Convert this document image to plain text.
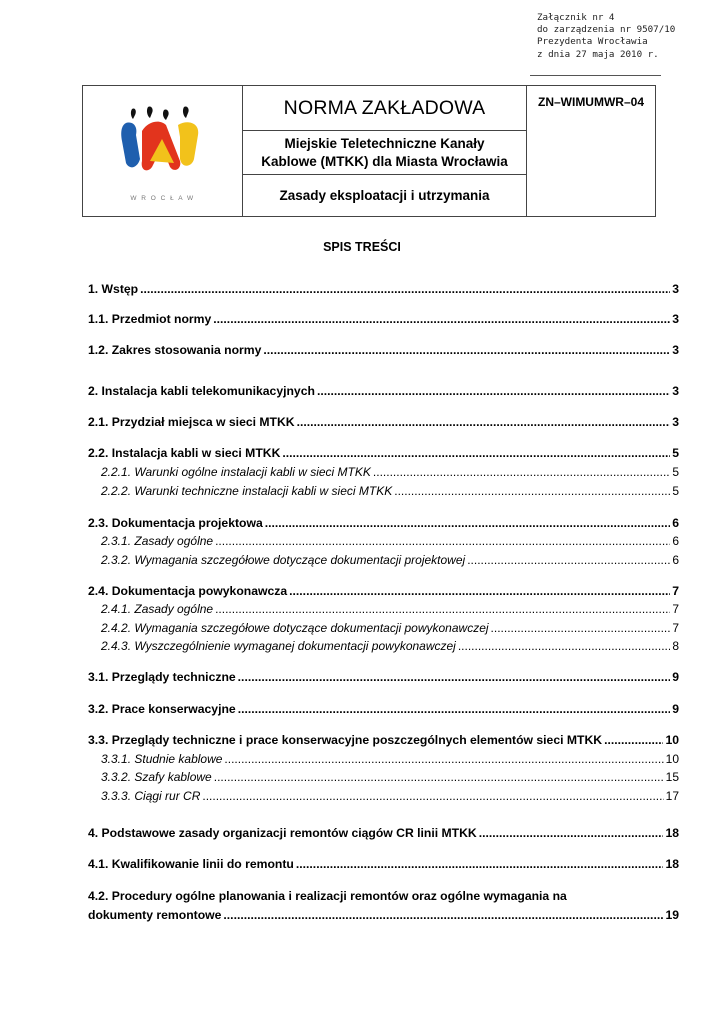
Załącznik nr 4
do zarządzenia nr 9507/10
Prezydenta Wrocławia
z dnia 27 maja 2010 r.
W R O C Ł A W
	NORMA ZAKŁADOWA	ZN–WIMUMWR–04

Miejskie Teletechniczne Kanały
Kablowe (MTKK) dla Miasta Wrocławia

Zasady eksploatacji i utrzymania
SPIS TREŚCI
1. Wstęp .....	3
1.1. Przedmiot normy .....	3
1.2. Zakres stosowania normy .....	3
2. Instalacja kabli telekomunikacyjnych .....	3
2.1. Przydział miejsca w sieci MTKK .....	3
2.2. Instalacja kabli w sieci MTKK .....	5
2.2.1. Warunki ogólne instalacji kabli w sieci MTKK .....	5
2.2.2. Warunki techniczne instalacji kabli w sieci MTKK .....	5
2.3. Dokumentacja projektowa .....	6
2.3.1. Zasady ogólne .....	6
2.3.2. Wymagania szczegółowe dotyczące dokumentacji projektowej .....	6
2.4. Dokumentacja powykonawcza .....	7
2.4.1. Zasady ogólne .....	7
2.4.2. Wymagania szczegółowe dotyczące dokumentacji powykonawczej .....	7
2.4.3. Wyszczególnienie wymaganej dokumentacji powykonawczej .....	8
3.1. Przeglądy techniczne .....	9
3.2. Prace konserwacyjne .....	9
3.3. Przeglądy techniczne i prace konserwacyjne poszczególnych elementów sieci MTKK .....	10
3.3.1. Studnie kablowe .....	10
3.3.2. Szafy kablowe .....	15
3.3.3. Ciągi rur CR .....	17
4. Podstawowe zasady organizacji remontów ciągów CR linii MTKK .....	18
4.1. Kwalifikowanie linii do remontu .....	18
4.2. Procedury ogólne planowania i realizacji remontów oraz ogólne wymagania na
dokumenty remontowe .....	19
